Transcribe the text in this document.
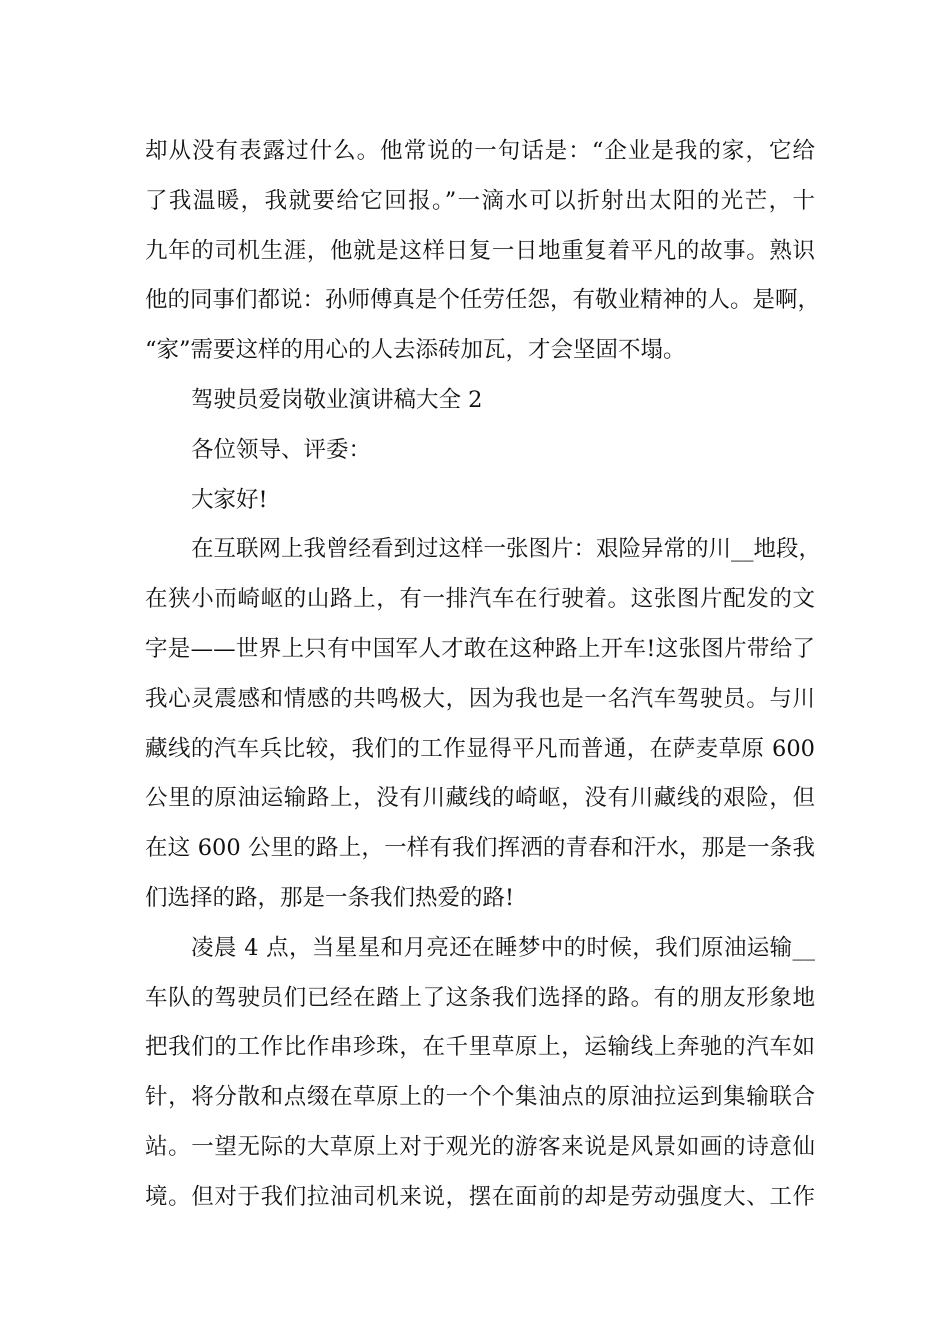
却从没有表露过什么。他常说的一句话是：“企业是我的家，它给
了我温暖，我就要给它回报。”一滴水可以折射出太阳的光芒，十
九年的司机生涯，他就是这样日复一日地重复着平凡的故事。熟识
他的同事们都说：孙师傅真是个任劳任怨，有敬业精神的人。是啊，
“家”需要这样的用心的人去添砖加瓦，才会坚固不塌。
驾驶员爱岗敬业演讲稿大全 2
各位领导、评委：
大家好!
在互联网上我曾经看到过这样一张图片：艰险异常的川__地段，
在狭小而崎岖的山路上，有一排汽车在行驶着。这张图片配发的文
字是——世界上只有中国军人才敢在这种路上开车!这张图片带给了
我心灵震感和情感的共鸣极大，因为我也是一名汽车驾驶员。与川
藏线的汽车兵比较，我们的工作显得平凡而普通，在萨麦草原 600
公里的原油运输路上，没有川藏线的崎岖，没有川藏线的艰险，但
在这 600 公里的路上，一样有我们挥洒的青春和汗水，那是一条我
们选择的路，那是一条我们热爱的路!
凌晨 4 点，当星星和月亮还在睡梦中的时候，我们原油运输__
车队的驾驶员们已经在踏上了这条我们选择的路。有的朋友形象地
把我们的工作比作串珍珠，在千里草原上，运输线上奔驰的汽车如
针，将分散和点缀在草原上的一个个集油点的原油拉运到集输联合
站。一望无际的大草原上对于观光的游客来说是风景如画的诗意仙
境。但对于我们拉油司机来说，摆在面前的却是劳动强度大、工作
